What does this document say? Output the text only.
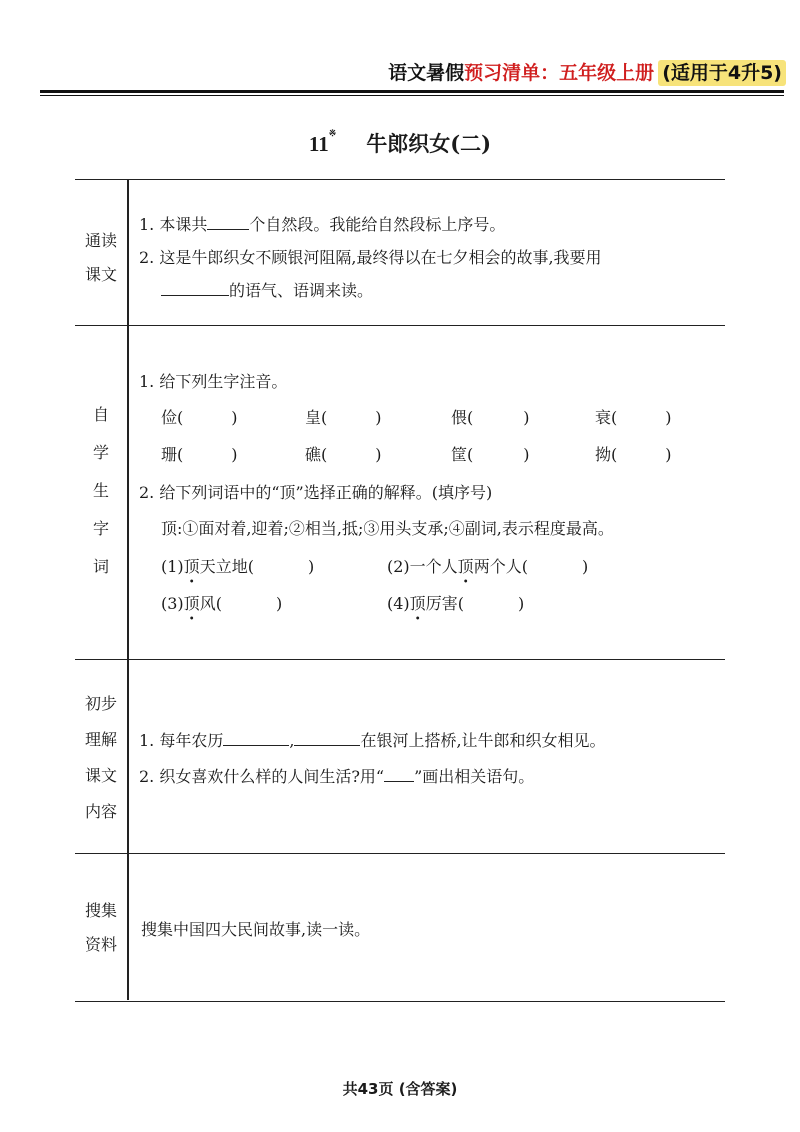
语文暑假预习清单：五年级上册 (适用于4升5)
11※ 牛郎织女(二)
通读
课文
1. 本课共	个自然段。我能给自然段标上序号。
2. 这是牛郎织女不顾银河阻隔,最终得以在七夕相会的故事,我要用
的语气、语调来读。
自
学
生
字
词
1. 给下列生字注音。
俭(	)	皇(	)	偎(	)	衰(	)
珊(	)	礁(	)	筐(	)	拗(	)
2. 给下列词语中的“顶”选择正确的解释。(填序号)
顶:①面对着,迎着;②相当,抵;③用头支承;④副词,表示程度最高。
(1)顶天立地(	)	(2)一个人顶两个人(	)
(3)顶风(	)	(4)顶厉害(	)
初步
理解
课文
内容
1. 每年农历	,	在银河上搭桥,让牛郎和织女相见。
2. 织女喜欢什么样的人间生活?用“ ”画出相关语句。
搜集
资料
搜集中国四大民间故事,读一读。
共43页 (含答案)
